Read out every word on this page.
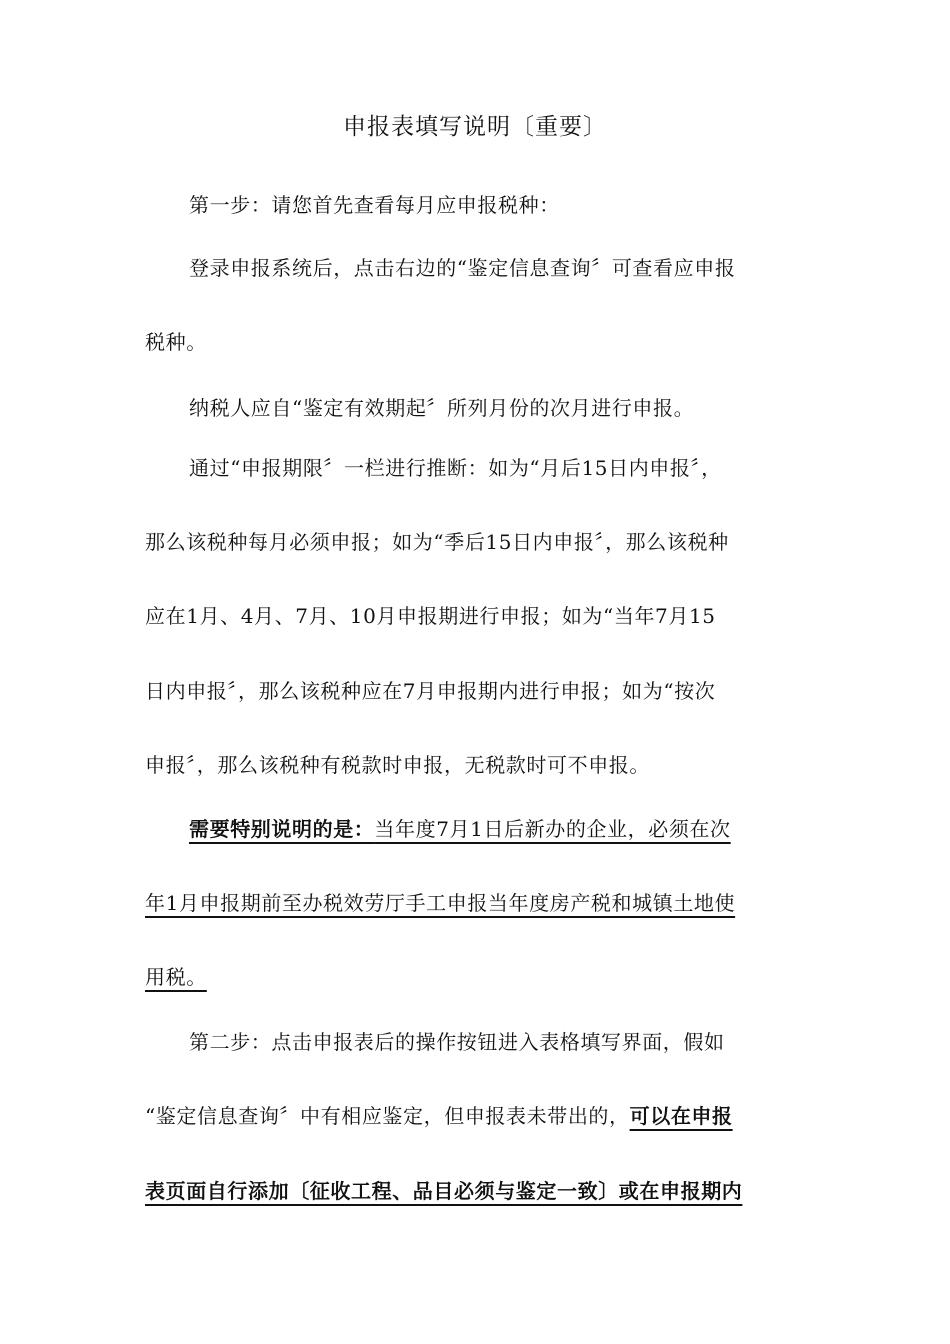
申报表填写说明〔重要〕
第一步：请您首先查看每月应申报税种：
登录申报系统后，点击右边的“鉴定信息查询〞可查看应申报
税种。
纳税人应自“鉴定有效期起〞所列月份的次月进行申报。
通过“申报期限〞一栏进行推断：如为“月后15日内申报〞，
那么该税种每月必须申报；如为“季后15日内申报〞，那么该税种
应在1月、4月、7月、10月申报期进行申报；如为“当年7月15
日内申报〞，那么该税种应在7月申报期内进行申报；如为“按次
申报〞，那么该税种有税款时申报，无税款时可不申报。
需要特别说明的是：当年度7月1日后新办的企业，必须在次
年1月申报期前至办税效劳厅手工申报当年度房产税和城镇土地使
用税。
第二步：点击申报表后的操作按钮进入表格填写界面，假如
“鉴定信息查询〞中有相应鉴定，但申报表未带出的，可以在申报
表页面自行添加〔征收工程、品目必须与鉴定一致〕或在申报期内
